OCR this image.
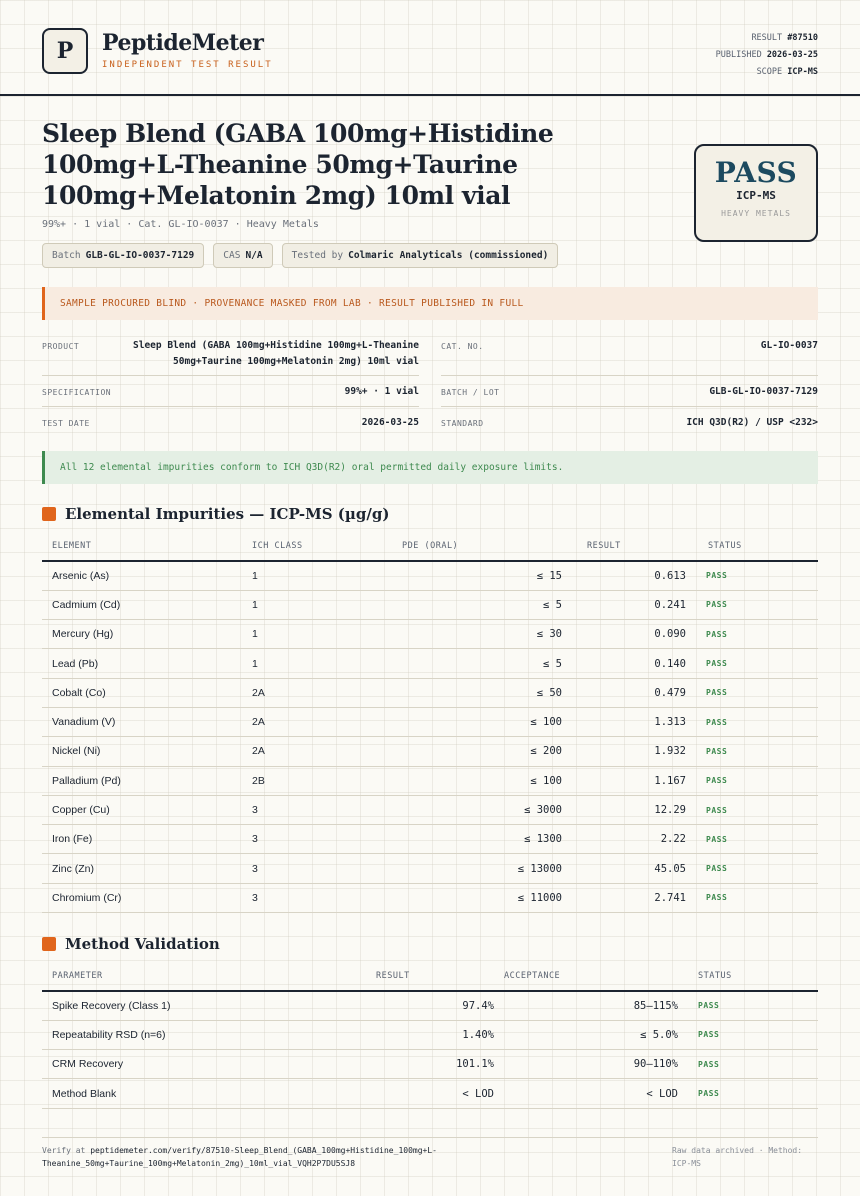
P PeptideMeter
INDEPENDENT TEST RESULT
RESULT #87510
PUBLISHED 2026-03-25
SCOPE ICP-MS
Sleep Blend (GABA 100mg+Histidine 100mg+L-Theanine 50mg+Taurine 100mg+Melatonin 2mg) 10ml vial
99%+ · 1 vial · Cat. GL-IO-0037 · Heavy Metals
Batch GLB-GL-IO-0037-7129	CAS N/A	Tested by Colmaric Analyticals (commissioned)
PASS
ICP-MS
HEAVY METALS
SAMPLE PROCURED BLIND · PROVENANCE MASKED FROM LAB · RESULT PUBLISHED IN FULL
PRODUCT	Sleep Blend (GABA 100mg+Histidine 100mg+L-Theanine
50mg+Taurine 100mg+Melatonin 2mg) 10ml vial
CAT. NO.	GL-IO-0037
SPECIFICATION	99%+ · 1 vial	BATCH / LOT	GLB-GL-IO-0037-7129
TEST DATE	2026-03-25	STANDARD	ICH Q3D(R2) / USP <232>
All 12 elemental impurities conform to ICH Q3D(R2) oral permitted daily exposure limits.
Elemental Impurities — ICP-MS (µg/g)
ELEMENT	ICH CLASS	PDE (ORAL)	RESULT	STATUS
Arsenic (As)	1	≤ 15	0.613	PASS
Cadmium (Cd)	1	≤ 5	0.241	PASS
Mercury (Hg)	1	≤ 30	0.090	PASS
Lead (Pb)	1	≤ 5	0.140	PASS
Cobalt (Co)	2A	≤ 50	0.479	PASS
Vanadium (V)	2A	≤ 100	1.313	PASS
Nickel (Ni)	2A	≤ 200	1.932	PASS
Palladium (Pd)	2B	≤ 100	1.167	PASS
Copper (Cu)	3	≤ 3000	12.29	PASS
Iron (Fe)	3	≤ 1300	2.22	PASS
Zinc (Zn)	3	≤ 13000	45.05	PASS
Chromium (Cr)	3	≤ 11000	2.741	PASS
Method Validation
PARAMETER	RESULT	ACCEPTANCE	STATUS
Spike Recovery (Class 1)	97.4%	85–115%	PASS
Repeatability RSD (n=6)	1.40%	≤ 5.0%	PASS
CRM Recovery	101.1%	90–110%	PASS
Method Blank	< LOD	< LOD	PASS
Verify at peptidemeter.com/verify/87510-Sleep_Blend_(GABA_100mg+Histidine_100mg+L-Theanine_50mg+Taurine_100mg+Melatonin_2mg)_10ml_vial_VQH2P7DU5SJ8
Raw data archived · Method: ICP-MS
